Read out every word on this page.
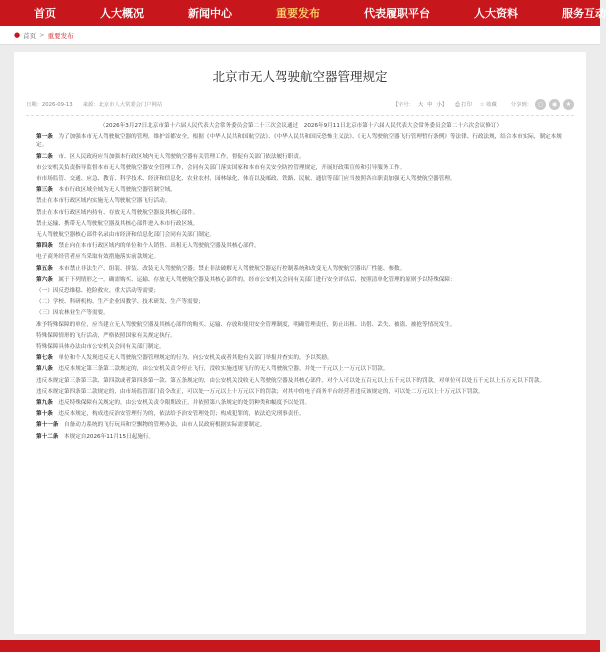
首页	人大概况	新闻中心	重要发布	代表履职平台	人大资料	服务互动
● 首页 > 重要发布
北京市无人驾驶航空器管理规定
日期：2026-09-13 来源：北京市人大常委会门户网站	【字号： 大 中 小 】 ⎙ 打印 ☆ 收藏	分享到： ○	◉	★

（2026年3月27日北京市第十六届人民代表大会常务委员会第二十三次会议通过　2026年9月11日北京市第十六届人民代表大会常务委员会第二十六次会议修订）

第一条　 为了加强本市无人驾驶航空器的管理，维护首都安全，根据《中华人民共和国航空法》、《中华人民共和国反恐怖主义法》、《无人驾驶航空器飞行管理暂行条例》等法律、行政法规，结合本市实际，制定本规定。

第二条　 市、区人民政府应当加强本行政区域内无人驾驶航空器有关管理工作，督促有关部门依法履行职责。

市公安机关负责指导监督本市无人驾驶航空器安全管理工作，会同有关部门落实国家和本市有关安全防控管理规定，开展好政策宣传和引导服务工作。

市市场监管、交通、应急、教育、科学技术、经济和信息化、农业农村、园林绿化、体育以及邮政、铁路、民航、通信等部门应当按照各自职责加强无人驾驶航空器管理。

第三条　 本市行政区域全域为无人驾驶航空器管制空域。

禁止在本市行政区域内实施无人驾驶航空器飞行活动。

禁止在本市行政区域内持有、存放无人驾驶航空器及其核心部件。

禁止运输、携带无人驾驶航空器及其核心部件进入本市行政区域。

无人驾驶航空器核心部件名录由市经济和信息化部门会同有关部门制定。

第四条　 禁止向在本市行政区域内的单位和个人销售、出租无人驾驶航空器及其核心部件。

电子商务经营者应当采取有效措施落实前款规定。

第五条　 本市禁止非法生产、组装、拼装、改装无人驾驶航空器；禁止非法破解无人驾驶航空器运行控制系统和改变无人驾驶航空器出厂性能、参数。

第六条　 属于下列情形之一，确需购买、运输、存放无人驾驶航空器及其核心部件的，经市公安机关会同有关部门进行安全评估后，按照清单化管理的原则予以特殊保障：

（一）因反恐维稳、抢险救灾、重大活动等需要；

（二）学校、科研机构、生产企业因教学、技术研发、生产等需要；

（三）因农林业生产等需要。

准予特殊保障的单位，应当建立无人驾驶航空器及其核心部件的购买、运输、存放和使用安全管理制度，明确管理责任，防止出租、出借、丢失、被盗、被抢等情况发生。

特殊保障情形的飞行活动，严格依照国家有关规定执行。

特殊保障具体办法由市公安机关会同有关部门制定。

第七条　 单位和个人发现违反无人驾驶航空器管理规定的行为，向公安机关或者其他有关部门举报并查实的，予以奖励。

第八条　 违反本规定第三条第二款规定的，由公安机关责令停止飞行，没收实施违规飞行的无人驾驶航空器，并处一千元以上一万元以下罚款。

违反本规定第三条第三款、第四款或者第四条第一款、第五条规定的，由公安机关没收无人驾驶航空器及其核心部件，对个人可以处五百元以上五千元以下的罚款，对单位可以处五千元以上五万元以下罚款。

违反本规定第四条第二款规定的，由市场监管部门责令改正，可以处一万元以上十万元以下的罚款；对其中的电子商务平台经营者违反该规定的，可以处二万元以上十万元以下罚款。

第九条　 违反特殊保障有关规定的，由公安机关责令限期改正，并依照第八条规定的处罚种类和幅度予以处罚。

第十条　 违反本规定，构成违反治安管理行为的，依法给予治安管理处罚；构成犯罪的，依法追究刑事责任。

第十一条　 自备动力系统的飞行玩具和空飘物的管理办法，由市人民政府根据实际需要制定。

第十二条　 本规定自2026年11月15日起施行。
